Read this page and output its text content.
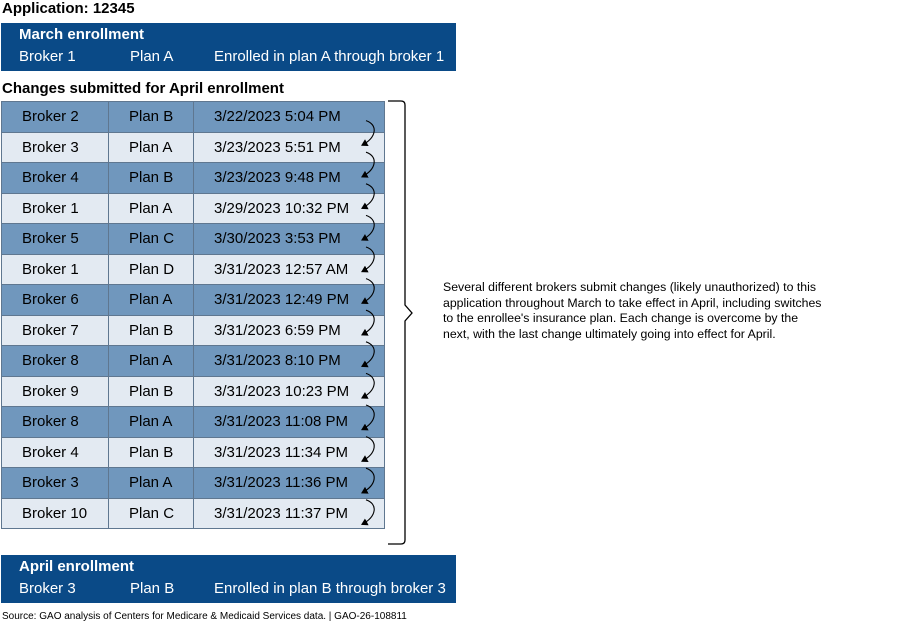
Application: 12345
March enrollment
Broker 1	Plan A	Enrolled in plan A through broker 1
Changes submitted for April enrollment
Broker 2	Plan B	3/22/2023 5:04 PM
Broker 3	Plan A	3/23/2023 5:51 PM
Broker 4	Plan B	3/23/2023 9:48 PM
Broker 1	Plan A	3/29/2023 10:32 PM
Broker 5	Plan C	3/30/2023 3:53 PM
Broker 1	Plan D	3/31/2023 12:57 AM
Broker 6	Plan A	3/31/2023 12:49 PM
Broker 7	Plan B	3/31/2023 6:59 PM
Broker 8	Plan A	3/31/2023 8:10 PM
Broker 9	Plan B	3/31/2023 10:23 PM
Broker 8	Plan A	3/31/2023 11:08 PM
Broker 4	Plan B	3/31/2023 11:34 PM
Broker 3	Plan A	3/31/2023 11:36 PM
Broker 10	Plan C	3/31/2023 11:37 PM
Several different brokers submit changes (likely unauthorized) to this application throughout March to take effect in April, including switches to the enrollee's insurance plan. Each change is overcome by the next, with the last change ultimately going into effect for April.
April enrollment
Broker 3	Plan B	Enrolled in plan B through broker 3
Source: GAO analysis of Centers for Medicare & Medicaid Services data. | GAO-26-108811
